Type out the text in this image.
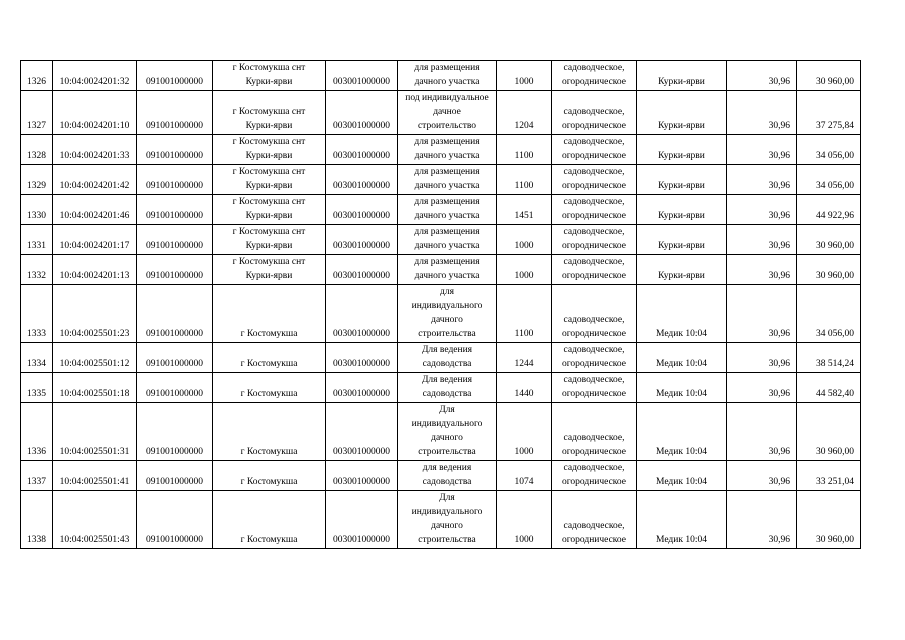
1326	10:04:0024201:32	091001000000	г Костомукша снт
Курки-ярви	003001000000	для размещения
дачного участка	1000	садоводческое,
огородническое	Курки-ярви	30,96	30 960,00
1327	10:04:0024201:10	091001000000	г Костомукша снт
Курки-ярви	003001000000	под индивидуальное
дачное
строительство	1204	садоводческое,
огородническое	Курки-ярви	30,96	37 275,84
1328	10:04:0024201:33	091001000000	г Костомукша снт
Курки-ярви	003001000000	для размещения
дачного участка	1100	садоводческое,
огородническое	Курки-ярви	30,96	34 056,00
1329	10:04:0024201:42	091001000000	г Костомукша снт
Курки-ярви	003001000000	для размещения
дачного участка	1100	садоводческое,
огородническое	Курки-ярви	30,96	34 056,00
1330	10:04:0024201:46	091001000000	г Костомукша снт
Курки-ярви	003001000000	для размещения
дачного участка	1451	садоводческое,
огородническое	Курки-ярви	30,96	44 922,96
1331	10:04:0024201:17	091001000000	г Костомукша снт
Курки-ярви	003001000000	для размещения
дачного участка	1000	садоводческое,
огородническое	Курки-ярви	30,96	30 960,00
1332	10:04:0024201:13	091001000000	г Костомукша снт
Курки-ярви	003001000000	для размещения
дачного участка	1000	садоводческое,
огородническое	Курки-ярви	30,96	30 960,00
1333	10:04:0025501:23	091001000000	г Костомукша	003001000000	для
индивидуального
дачного
строительства	1100	садоводческое,
огородническое	Медик 10:04	30,96	34 056,00
1334	10:04:0025501:12	091001000000	г Костомукша	003001000000	Для ведения
садоводства	1244	садоводческое,
огородническое	Медик 10:04	30,96	38 514,24
1335	10:04:0025501:18	091001000000	г Костомукша	003001000000	Для ведения
садоводства	1440	садоводческое,
огородническое	Медик 10:04	30,96	44 582,40
1336	10:04:0025501:31	091001000000	г Костомукша	003001000000	Для
индивидуального
дачного
строительства	1000	садоводческое,
огородническое	Медик 10:04	30,96	30 960,00
1337	10:04:0025501:41	091001000000	г Костомукша	003001000000	для ведения
садоводства	1074	садоводческое,
огородническое	Медик 10:04	30,96	33 251,04
1338	10:04:0025501:43	091001000000	г Костомукша	003001000000	Для
индивидуального
дачного
строительства	1000	садоводческое,
огородническое	Медик 10:04	30,96	30 960,00
